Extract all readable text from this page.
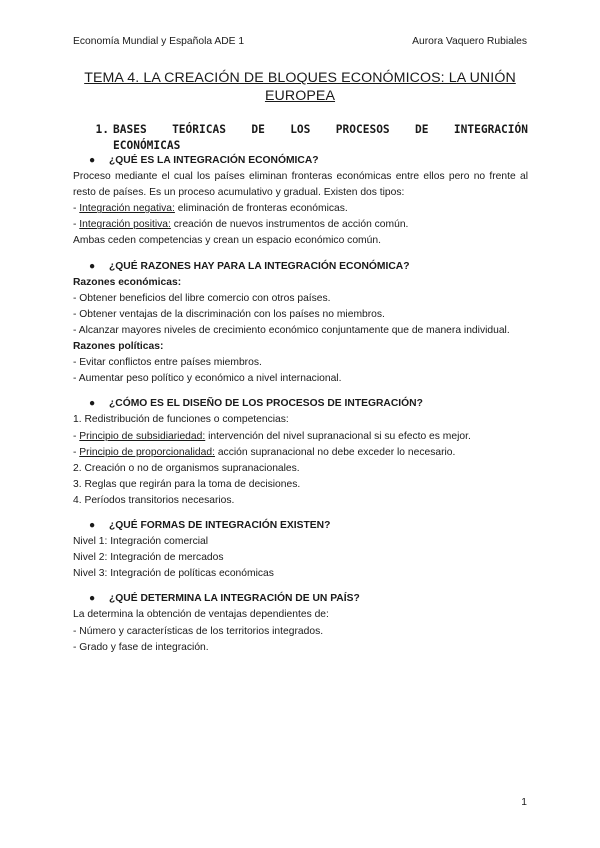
Economía Mundial y Española ADE 1	Aurora Vaquero Rubiales
TEMA 4. LA CREACIÓN DE BLOQUES ECONÓMICOS: LA UNIÓN
EUROPEA
1. BASES TEÓRICAS DE LOS PROCESOS DE INTEGRACIÓN
ECONÓMICAS
● ¿QUÉ ES LA INTEGRACIÓN ECONÓMICA?
Proceso mediante el cual los países eliminan fronteras económicas entre ellos pero no frente al resto de países. Es un proceso acumulativo y gradual. Existen dos tipos:
- Integración negativa: eliminación de fronteras económicas.
- Integración positiva: creación de nuevos instrumentos de acción común.
Ambas ceden competencias y crean un espacio económico común.
● ¿QUÉ RAZONES HAY PARA LA INTEGRACIÓN ECONÓMICA?
Razones económicas:
- Obtener beneficios del libre comercio con otros países.
- Obtener ventajas de la discriminación con los países no miembros.
- Alcanzar mayores niveles de crecimiento económico conjuntamente que de manera individual.
Razones políticas:
- Evitar conflictos entre países miembros.
- Aumentar peso político y económico a nivel internacional.
● ¿CÓMO ES EL DISEÑO DE LOS PROCESOS DE INTEGRACIÓN?
1. Redistribución de funciones o competencias:
- Principio de subsidiariedad: intervención del nivel supranacional si su efecto es mejor.
- Principio de proporcionalidad: acción supranacional no debe exceder lo necesario.
2. Creación o no de organismos supranacionales.
3. Reglas que regirán para la toma de decisiones.
4. Períodos transitorios necesarios.
● ¿QUÉ FORMAS DE INTEGRACIÓN EXISTEN?
Nivel 1: Integración comercial
Nivel 2: Integración de mercados
Nivel 3: Integración de políticas económicas
● ¿QUÉ DETERMINA LA INTEGRACIÓN DE UN PAÍS?
La determina la obtención de ventajas dependientes de:
- Número y características de los territorios integrados.
- Grado y fase de integración.
1
